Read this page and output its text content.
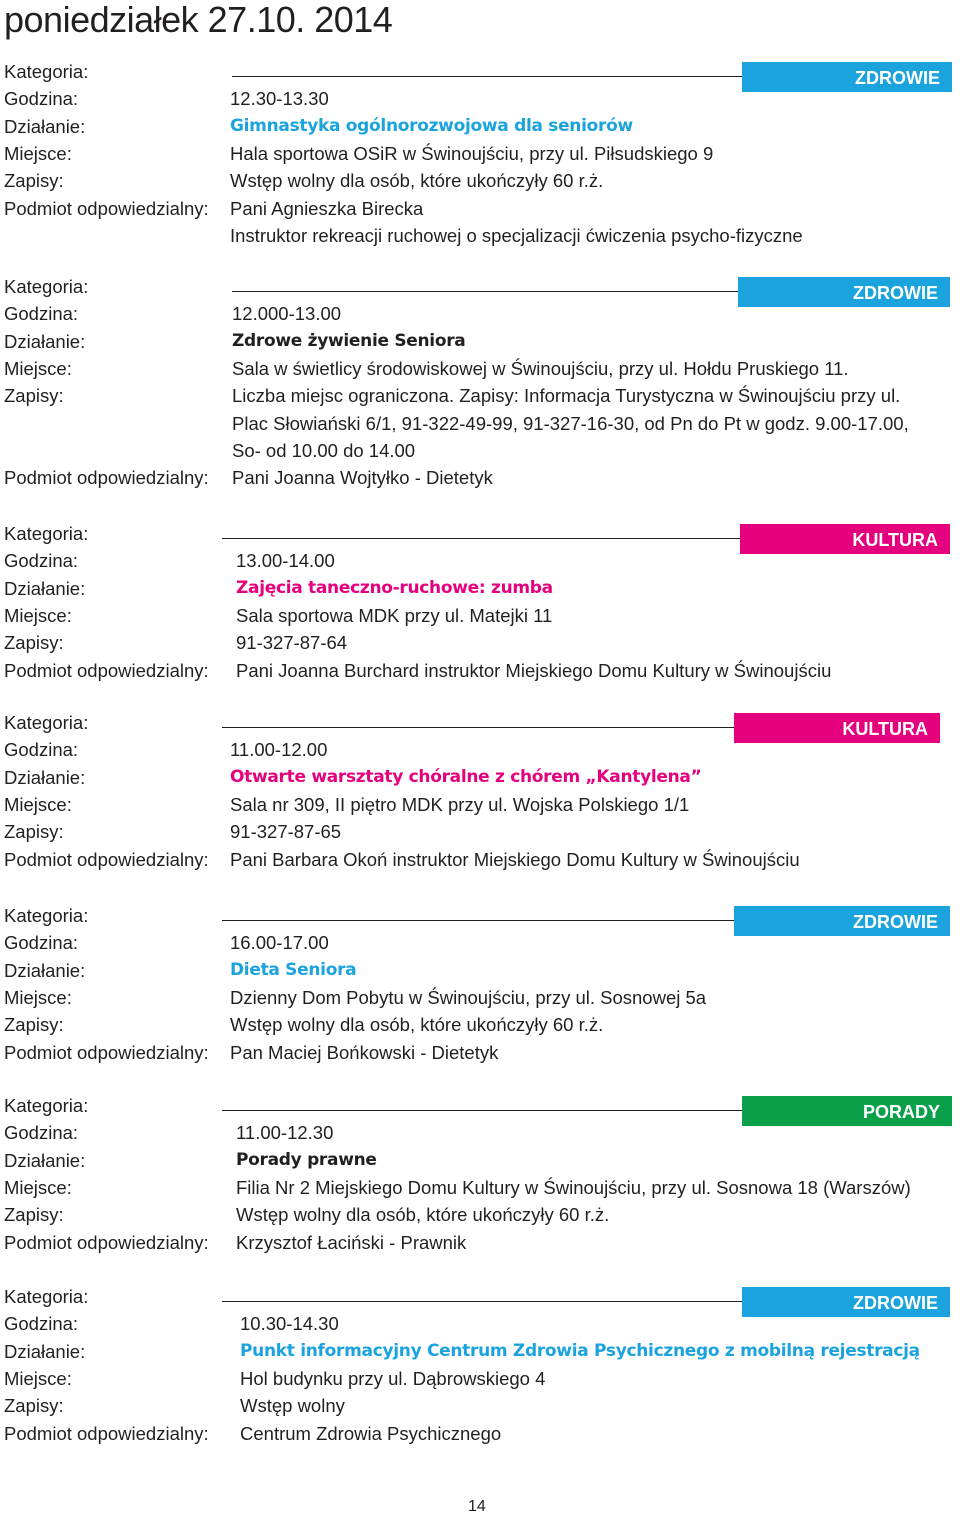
poniedziałek 27.10. 2014
Kategoria:	ZDROWIE
Godzina:	12.30-13.30
Działanie:	Gimnastyka ogólnorozwojowa dla seniorów
Miejsce:	Hala sportowa OSiR w Świnoujściu, przy ul. Piłsudskiego 9
Zapisy:	Wstęp wolny dla osób, które ukończyły 60 r.ż.
Podmiot odpowiedzialny: Pani Agnieszka Birecka
Instruktor rekreacji ruchowej o specjalizacji ćwiczenia psycho-fizyczne
Kategoria:	ZDROWIE
Godzina:	12.000-13.00
Działanie:	Zdrowe żywienie Seniora
Miejsce:	Sala w świetlicy środowiskowej w Świnoujściu, przy ul. Hołdu Pruskiego 11.
Zapisy:	Liczba miejsc ograniczona. Zapisy: Informacja Turystyczna w Świnoujściu przy ul.
Plac Słowiański 6/1, 91-322-49-99, 91-327-16-30, od Pn do Pt w godz. 9.00-17.00,
So- od 10.00 do 14.00
Podmiot odpowiedzialny: Pani Joanna Wojtyłko - Dietetyk
Kategoria:	KULTURA
Godzina:	13.00-14.00
Działanie:	Zajęcia taneczno-ruchowe: zumba
Miejsce:	Sala sportowa MDK przy ul. Matejki 11
Zapisy:	91-327-87-64
Podmiot odpowiedzialny: Pani Joanna Burchard instruktor Miejskiego Domu Kultury w Świnoujściu
Kategoria:	KULTURA
Godzina:	11.00-12.00
Działanie:	Otwarte warsztaty chóralne z chórem „Kantylena”
Miejsce:	Sala nr 309, II piętro MDK przy ul. Wojska Polskiego 1/1
Zapisy:	91-327-87-65
Podmiot odpowiedzialny: Pani Barbara Okoń instruktor Miejskiego Domu Kultury w Świnoujściu
Kategoria:	ZDROWIE
Godzina:	16.00-17.00
Działanie:	Dieta Seniora
Miejsce:	Dzienny Dom Pobytu w Świnoujściu, przy ul. Sosnowej 5a
Zapisy:	Wstęp wolny dla osób, które ukończyły 60 r.ż.
Podmiot odpowiedzialny: Pan Maciej Bońkowski - Dietetyk
Kategoria:	PORADY
Godzina:	11.00-12.30
Działanie:	Porady prawne
Miejsce:	Filia Nr 2 Miejskiego Domu Kultury w Świnoujściu, przy ul. Sosnowa 18 (Warszów)
Zapisy:	Wstęp wolny dla osób, które ukończyły 60 r.ż.
Podmiot odpowiedzialny: Krzysztof Łaciński - Prawnik
Kategoria:	ZDROWIE
Godzina:	10.30-14.30
Działanie:	Punkt informacyjny Centrum Zdrowia Psychicznego z mobilną rejestracją
Miejsce:	Hol budynku przy ul. Dąbrowskiego 4
Zapisy:	Wstęp wolny
Podmiot odpowiedzialny: Centrum Zdrowia Psychicznego
14
